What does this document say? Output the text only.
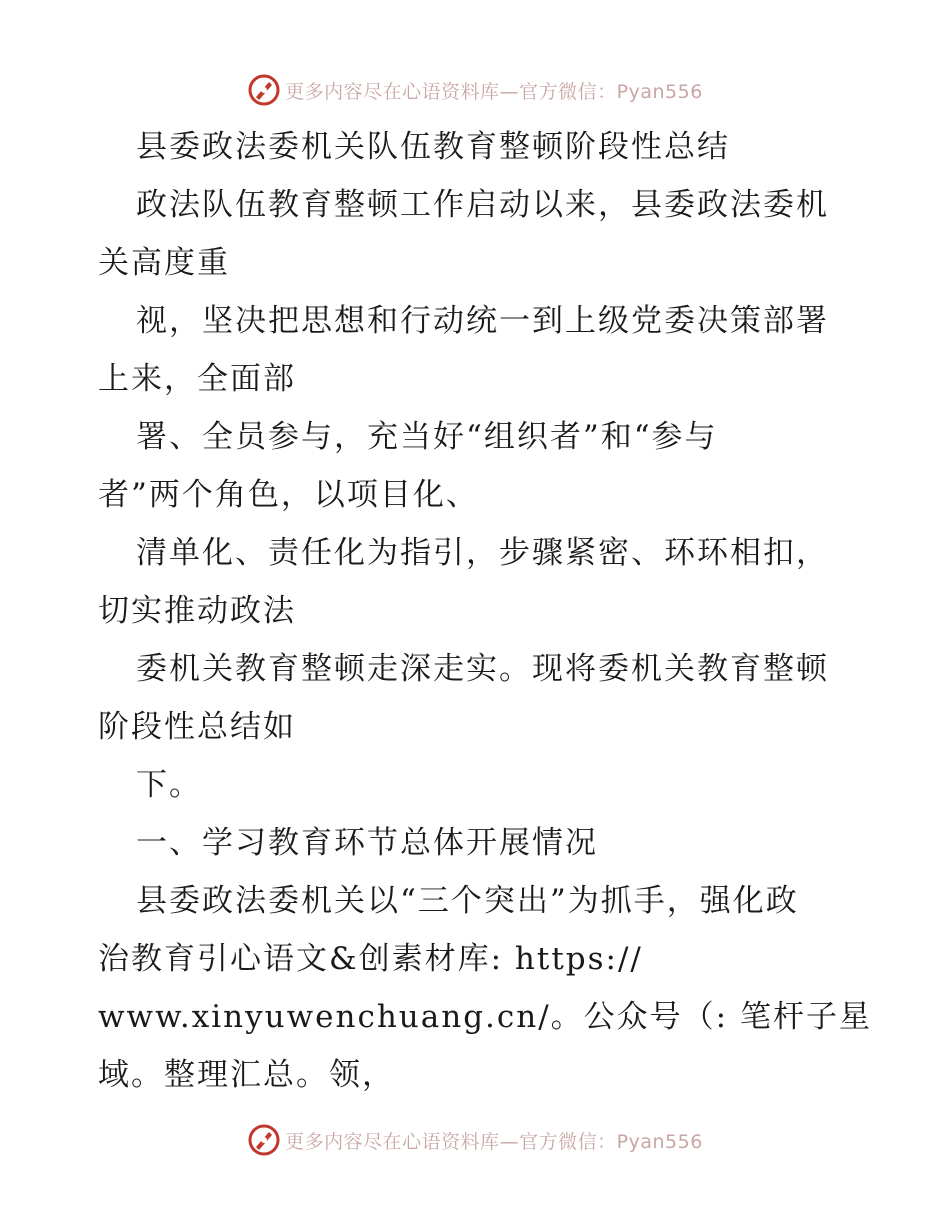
更多内容尽在心语资料库—官方微信：Pyan556
县委政法委机关队伍教育整顿阶段性总结
政法队伍教育整顿工作启动以来，县委政法委机
关高度重
视，坚决把思想和行动统一到上级党委决策部署
上来，全面部
署、全员参与，充当好“组织者”和“参与
者”两个角色，以项目化、
清单化、责任化为指引，步骤紧密、环环相扣，
切实推动政法
委机关教育整顿走深走实。现将委机关教育整顿
阶段性总结如
下。
一、学习教育环节总体开展情况
县委政法委机关以“三个突出”为抓手，强化政
治教育引心语文&创素材库: https://
www.xinyuwenchuang.cn/。公众号（: 笔杆子星
域。整理汇总。领，
更多内容尽在心语资料库—官方微信：Pyan556
